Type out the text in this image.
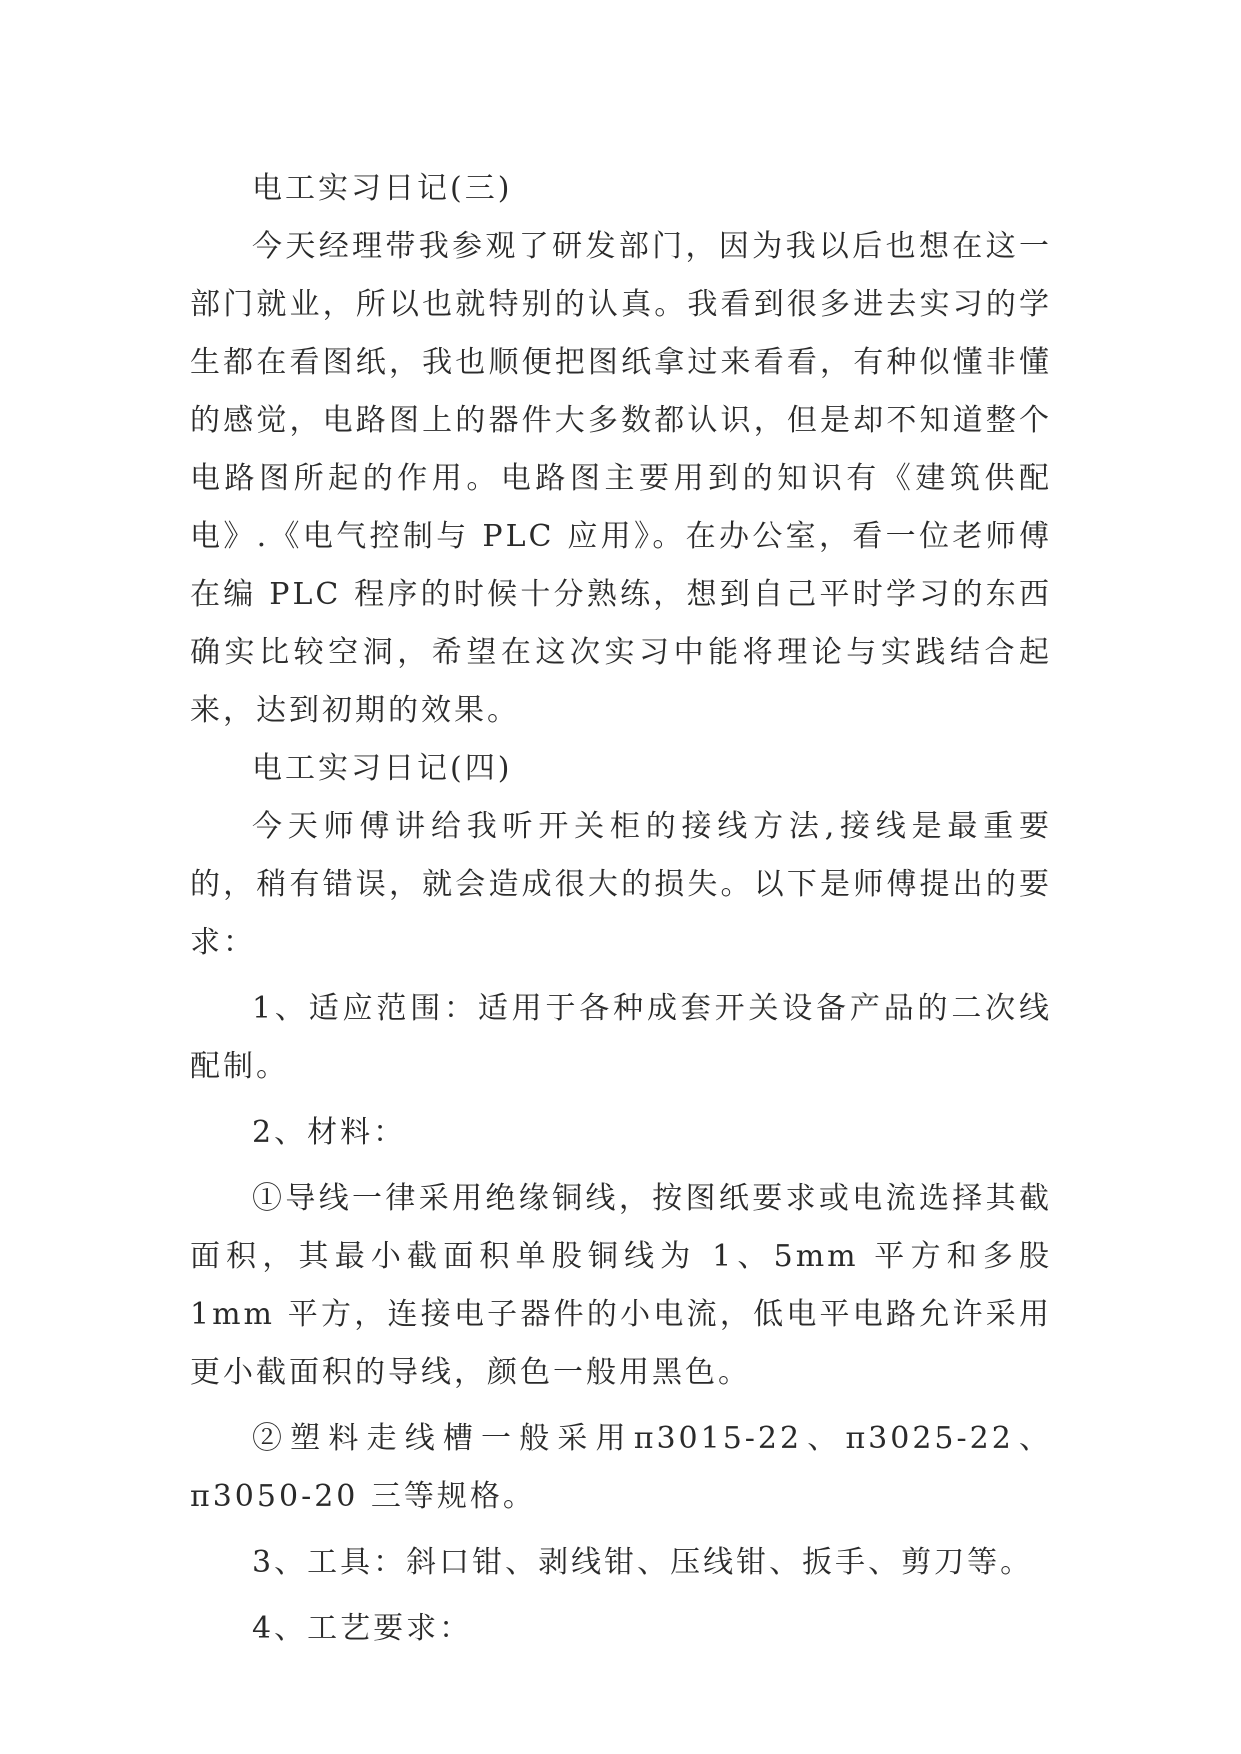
电工实习日记(三)

今天经理带我参观了研发部门，因为我以后也想在这一部门就业，所以也就特别的认真。我看到很多进去实习的学生都在看图纸，我也顺便把图纸拿过来看看，有种似懂非懂的感觉，电路图上的器件大多数都认识，但是却不知道整个电路图所起的作用。电路图主要用到的知识有《建筑供配电》.《电气控制与 PLC 应用》。在办公室，看一位老师傅在编 PLC 程序的时候十分熟练，想到自己平时学习的东西确实比较空洞，希望在这次实习中能将理论与实践结合起来，达到初期的效果。

电工实习日记(四)

今天师傅讲给我听开关柜的接线方法,接线是最重要的，稍有错误，就会造成很大的损失。以下是师傅提出的要求：

1、适应范围：适用于各种成套开关设备产品的二次线配制。

2、材料：

①导线一律采用绝缘铜线，按图纸要求或电流选择其截面积，其最小截面积单股铜线为 1、5mm 平方和多股 1mm 平方，连接电子器件的小电流，低电平电路允许采用更小截面积的导线，颜色一般用黑色。

②塑料走线槽一般采用π3015-22、π3025-22、π3050-20 三等规格。

3、工具：斜口钳、剥线钳、压线钳、扳手、剪刀等。

4、工艺要求：
